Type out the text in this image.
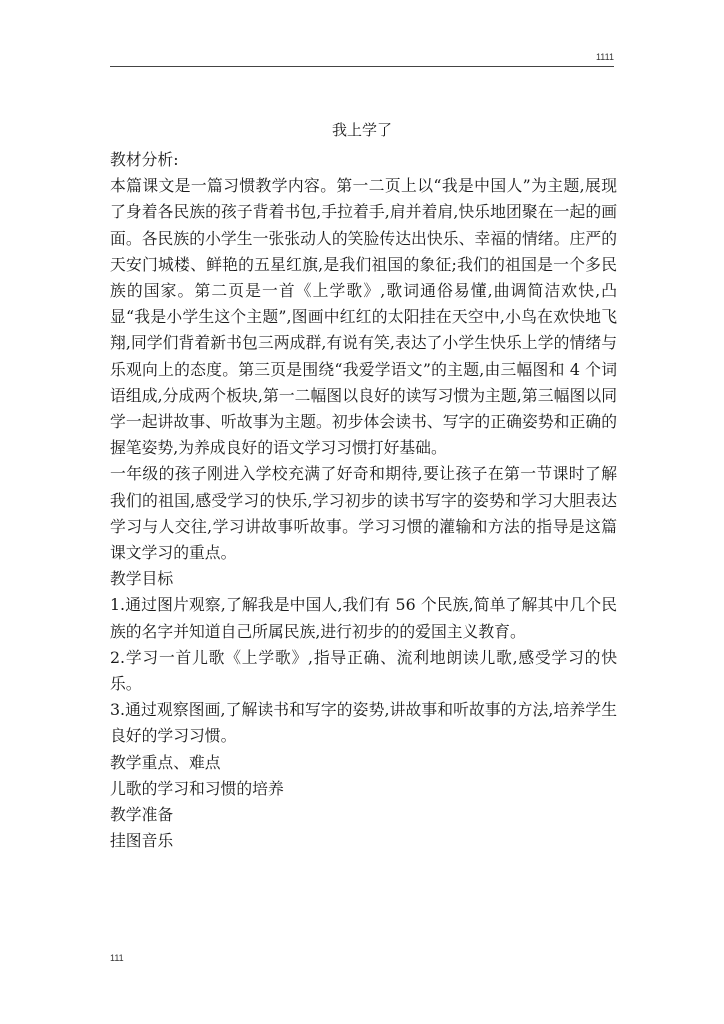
1111
我上学了

教材分析:

本篇课文是一篇习惯教学内容。第一二页上以“我是中国人”为主题,展现了身着各民族的孩子背着书包,手拉着手,肩并着肩,快乐地团聚在一起的画面。各民族的小学生一张张动人的笑脸传达出快乐、幸福的情绪。庄严的天安门城楼、鲜艳的五星红旗,是我们祖国的象征;我们的祖国是一个多民族的国家。第二页是一首《上学歌》,歌词通俗易懂,曲调简洁欢快,凸显“我是小学生这个主题”,图画中红红的太阳挂在天空中,小鸟在欢快地飞翔,同学们背着新书包三两成群,有说有笑,表达了小学生快乐上学的情绪与乐观向上的态度。第三页是围绕“我爱学语文”的主题,由三幅图和 4 个词语组成,分成两个板块,第一二幅图以良好的读写习惯为主题,第三幅图以同学一起讲故事、听故事为主题。初步体会读书、写字的正确姿势和正确的握笔姿势,为养成良好的语文学习习惯打好基础。

一年级的孩子刚进入学校充满了好奇和期待,要让孩子在第一节课时了解我们的祖国,感受学习的快乐,学习初步的读书写字的姿势和学习大胆表达学习与人交往,学习讲故事听故事。学习习惯的灌输和方法的指导是这篇课文学习的重点。

教学目标

1.通过图片观察,了解我是中国人,我们有 56 个民族,简单了解其中几个民族的名字并知道自己所属民族,进行初步的的爱国主义教育。

2.学习一首儿歌《上学歌》,指导正确、流利地朗读儿歌,感受学习的快乐。

3.通过观察图画,了解读书和写字的姿势,讲故事和听故事的方法,培养学生良好的学习习惯。

教学重点、难点

儿歌的学习和习惯的培养

教学准备

挂图音乐

111
